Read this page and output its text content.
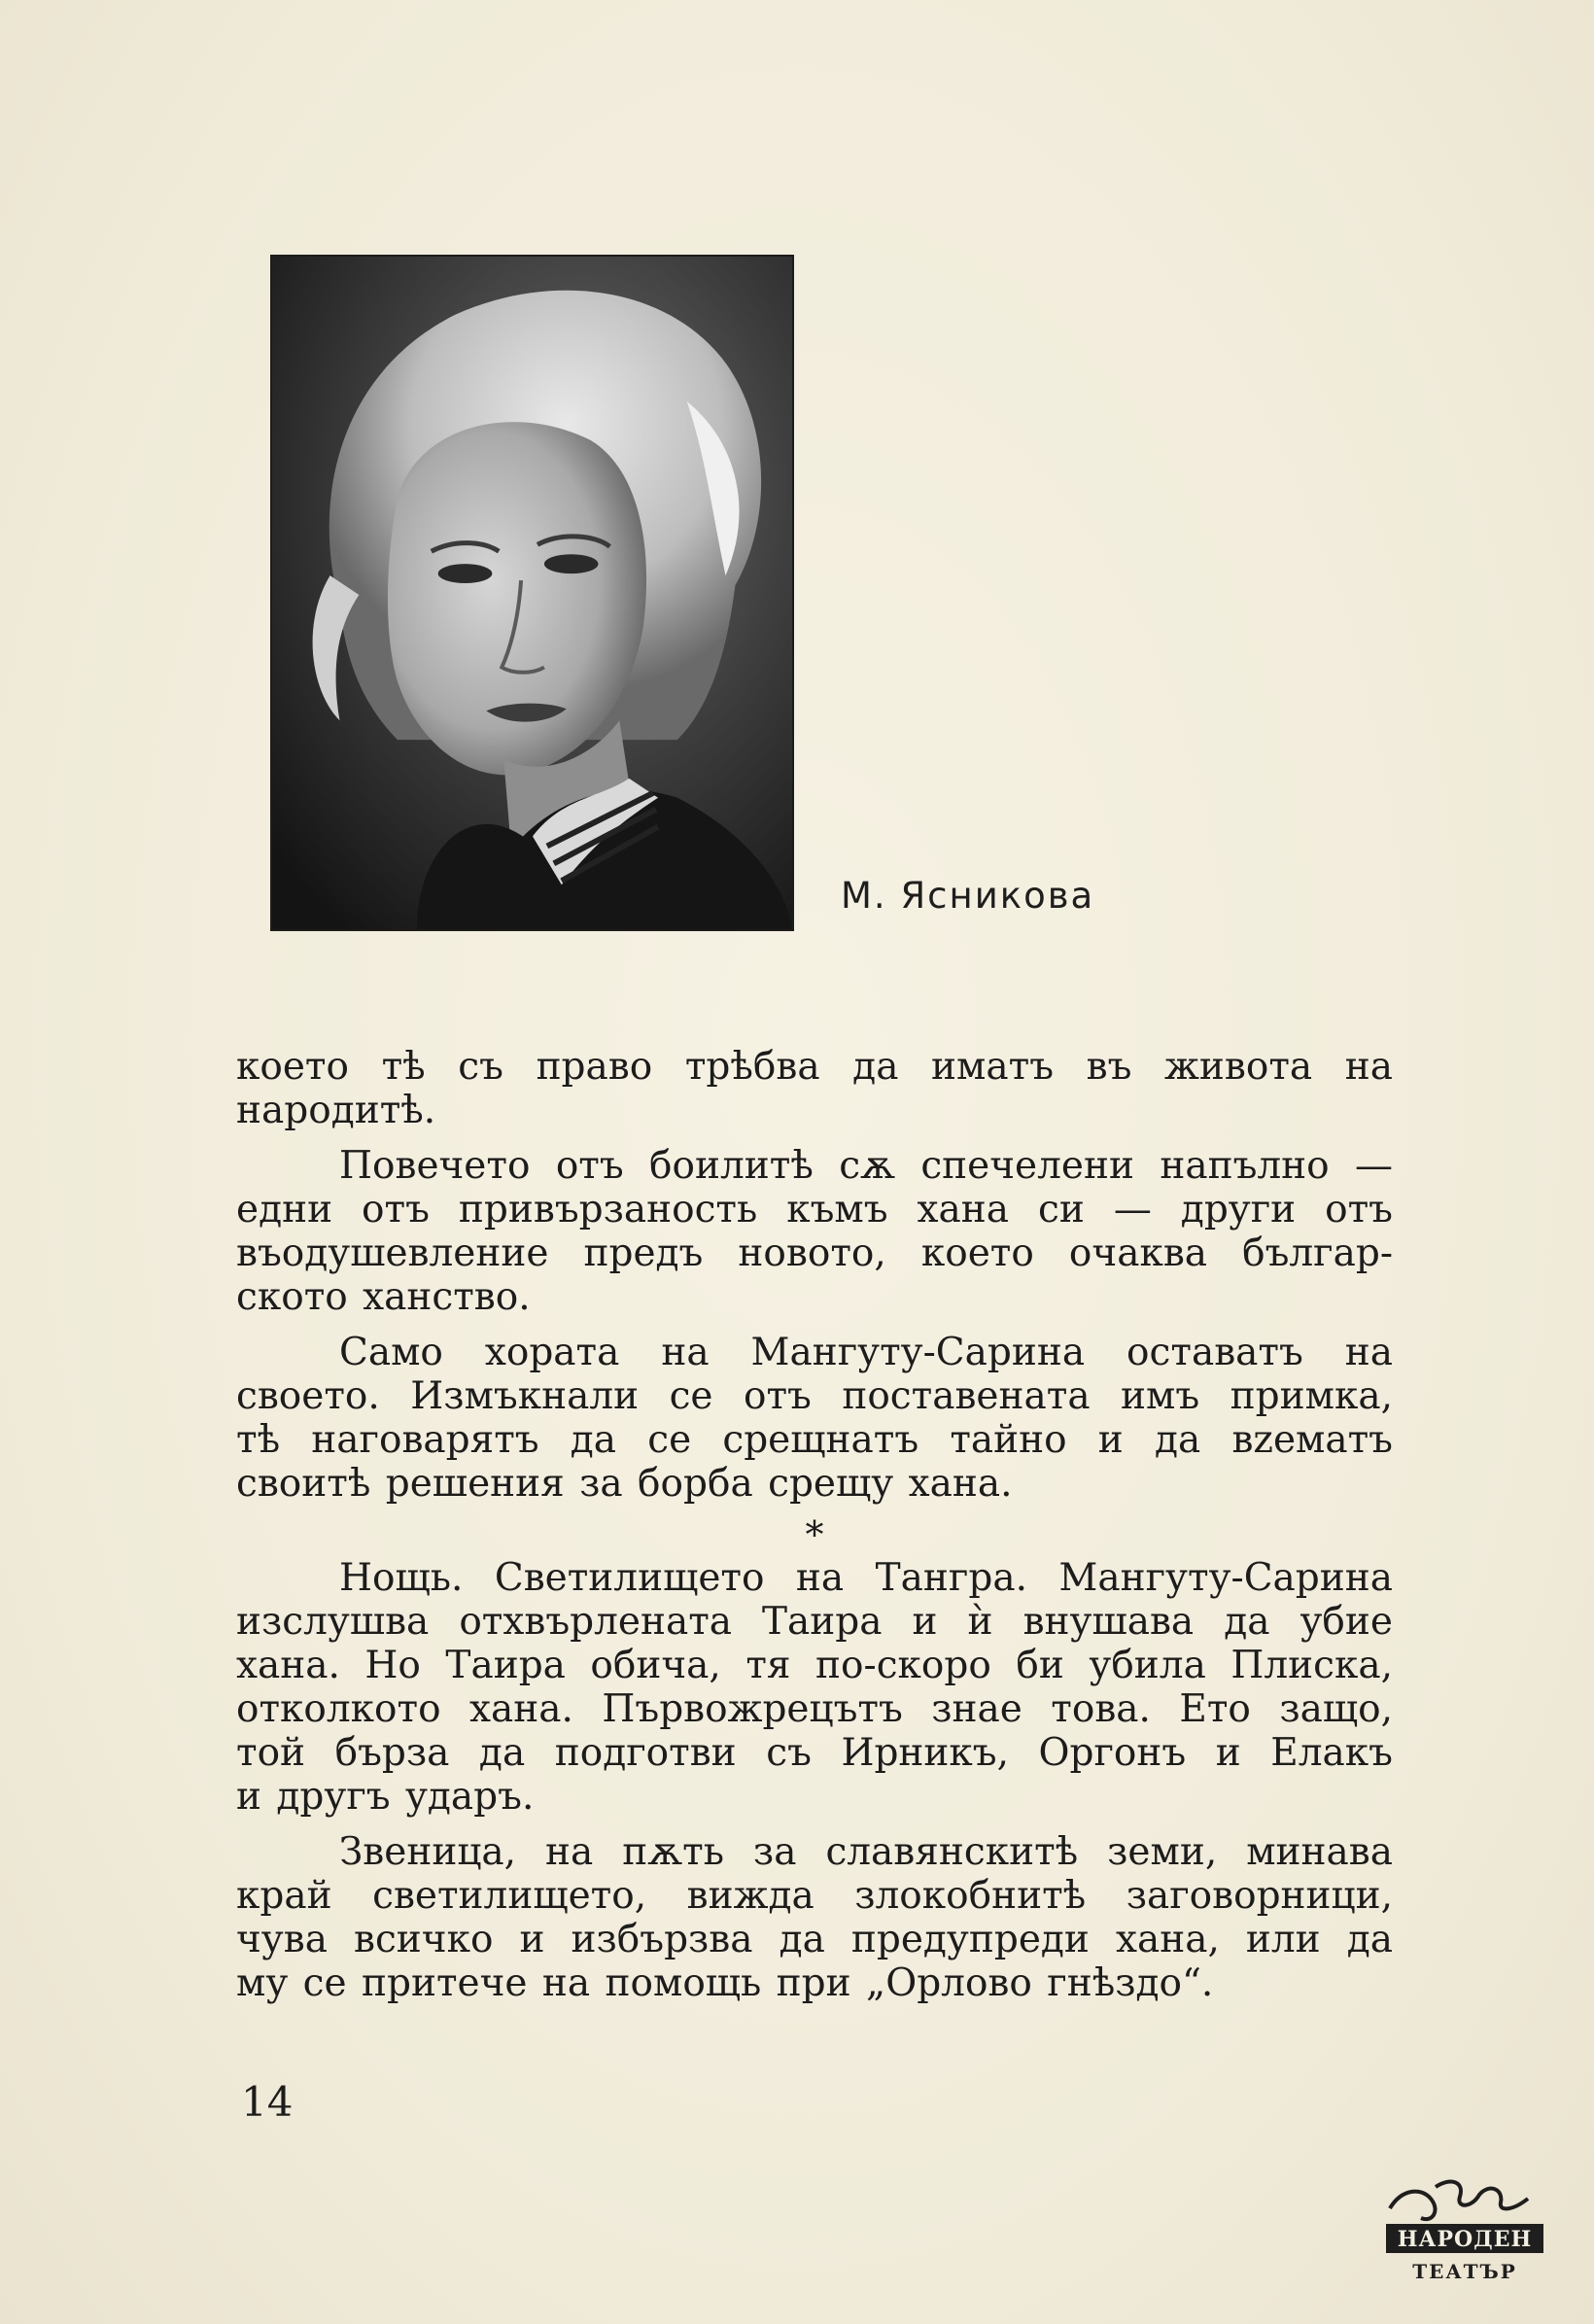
М. Ясникова
което тѣ съ право трѣбва да иматъ въ живота на
народитѣ.
Повечето отъ боилитѣ сѫ спечелени напълно —
едни отъ привързаность къмъ хана си — други отъ
въодушевление предъ новото, което очаква българ-
ското ханство.
Само хората на Мангуту-Сарина оставатъ на
своето. Измъкнали се отъ поставената имъ примка,
тѣ наговарятъ да се срещнатъ тайно и да вzeматъ
своитѣ решения за борба срещу хана.
*
Нощь. Светилището на Тангра. Мангуту-Сарина
изслушва отхвърлената Таира и ѝ внушава да убие
хана. Но Таира обича, тя по-скоро би убила Плиска,
отколкото хана. Първожрецътъ знае това. Ето защо,
той бърза да подготви съ Ирникъ, Оргонъ и Елакъ
и другъ ударъ.
Звеница, на пѫть за славянскитѣ земи, минава
край светилището, вижда злокобнитѣ заговорници,
чува всичко и избързва да предупреди хана, или да
му се притече на помощь при „Орлово гнѣздо“.
14
НАРОДЕН
ТЕАТЪР
